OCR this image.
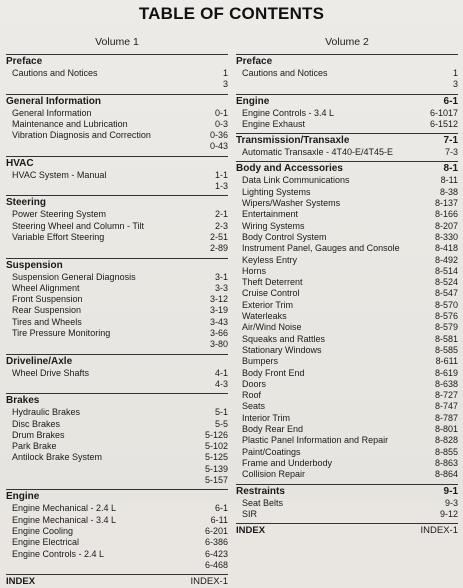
TABLE OF CONTENTS
Volume 1
Preface
Cautions and Notices	1
3
General Information
General Information	0-1
Maintenance and Lubrication	0-3
Vibration Diagnosis and Correction	0-36
0-43
HVAC
HVAC System - Manual	1-1
1-3
Steering
Power Steering System	2-1
Steering Wheel and Column - Tilt	2-3
Variable Effort Steering	2-51
2-89
Suspension
Suspension General Diagnosis	3-1
Wheel Alignment	3-3
Front Suspension	3-12
Rear Suspension	3-19
Tires and Wheels	3-43
Tire Pressure Monitoring	3-66
3-80
Driveline/Axle
Wheel Drive Shafts	4-1
4-3
Brakes
Hydraulic Brakes	5-1
Disc Brakes	5-5
Drum Brakes	5-126
Park Brake	5-102
Antilock Brake System	5-125
5-139
5-157
Engine
Engine Mechanical - 2.4 L	6-1
Engine Mechanical - 3.4 L	6-11
Engine Cooling	6-201
Engine Electrical	6-386
Engine Controls - 2.4 L	6-423
6-468
INDEX	INDEX-1
Volume 2
Preface
Cautions and Notices	1
3
Engine	6-1
Engine Controls - 3.4 L	6-1017
Engine Exhaust	6-1512
Transmission/Transaxle	7-1
Automatic Transaxle - 4T40-E/4T45-E	7-3
Body and Accessories	8-1
Data Link Communications	8-11
Lighting Systems	8-38
Wipers/Washer Systems	8-137
Entertainment	8-166
Wiring Systems	8-207
Body Control System	8-330
Instrument Panel, Gauges and Console	8-418
Keyless Entry	8-492
Horns	8-514
Theft Deterrent	8-524
Cruise Control	8-547
Exterior Trim	8-570
Waterleaks	8-576
Air/Wind Noise	8-579
Squeaks and Rattles	8-581
Stationary Windows	8-585
Bumpers	8-611
Body Front End	8-619
Doors	8-638
Roof	8-727
Seats	8-747
Interior Trim	8-787
Body Rear End	8-801
Plastic Panel Information and Repair	8-828
Paint/Coatings	8-855
Frame and Underbody	8-863
Collision Repair	8-864
Restraints	9-1
Seat Belts	9-3
SIR	9-12
INDEX	INDEX-1
